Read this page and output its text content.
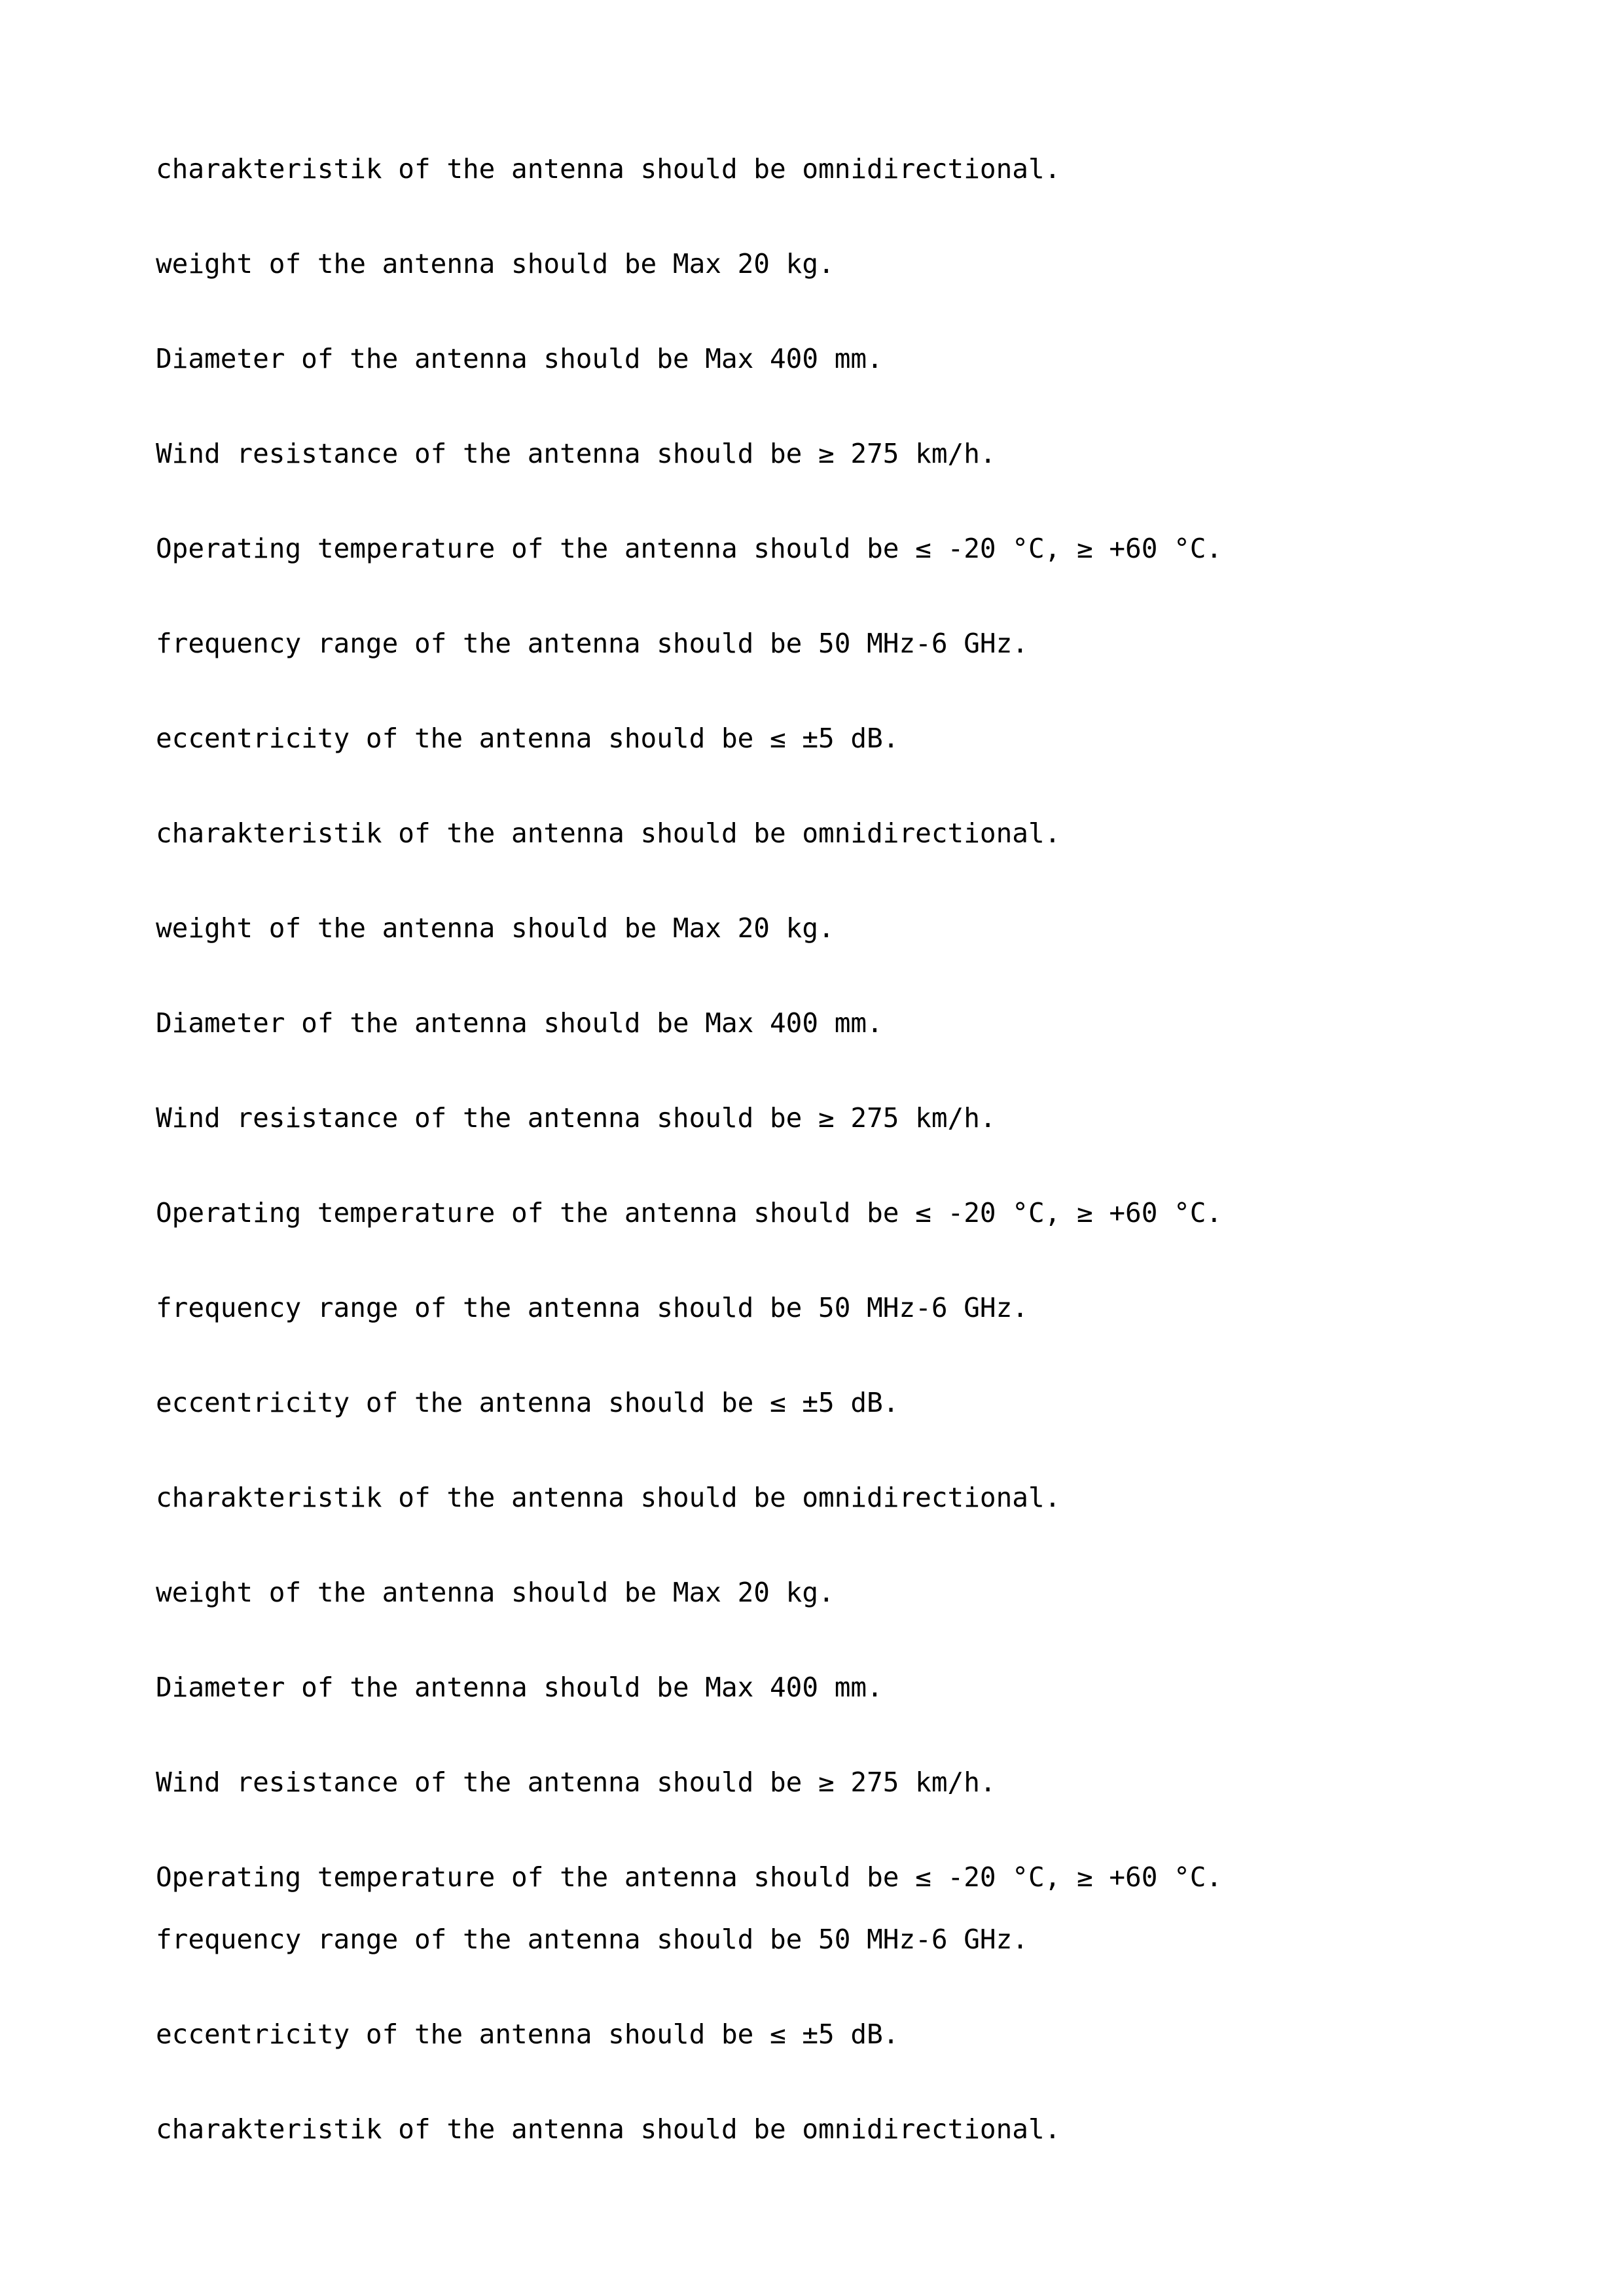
charakteristik of the antenna should be omnidirectional.
weight of the antenna should be Max 20 kg.
Diameter of the antenna should be Max 400 mm.
Wind resistance of the antenna should be ≥ 275 km/h.
Operating temperature of the antenna should be ≤ -20 °C, ≥ +60 °C.
frequency range of the antenna should be 50 MHz-6 GHz.
eccentricity of the antenna should be ≤ ±5 dB.
charakteristik of the antenna should be omnidirectional.
weight of the antenna should be Max 20 kg.
Diameter of the antenna should be Max 400 mm.
Wind resistance of the antenna should be ≥ 275 km/h.
Operating temperature of the antenna should be ≤ -20 °C, ≥ +60 °C.
frequency range of the antenna should be 50 MHz-6 GHz.
eccentricity of the antenna should be ≤ ±5 dB.
charakteristik of the antenna should be omnidirectional.
weight of the antenna should be Max 20 kg.
Diameter of the antenna should be Max 400 mm.
Wind resistance of the antenna should be ≥ 275 km/h.
Operating temperature of the antenna should be ≤ -20 °C, ≥ +60 °C.
frequency range of the antenna should be 50 MHz-6 GHz.
eccentricity of the antenna should be ≤ ±5 dB.
charakteristik of the antenna should be omnidirectional.
